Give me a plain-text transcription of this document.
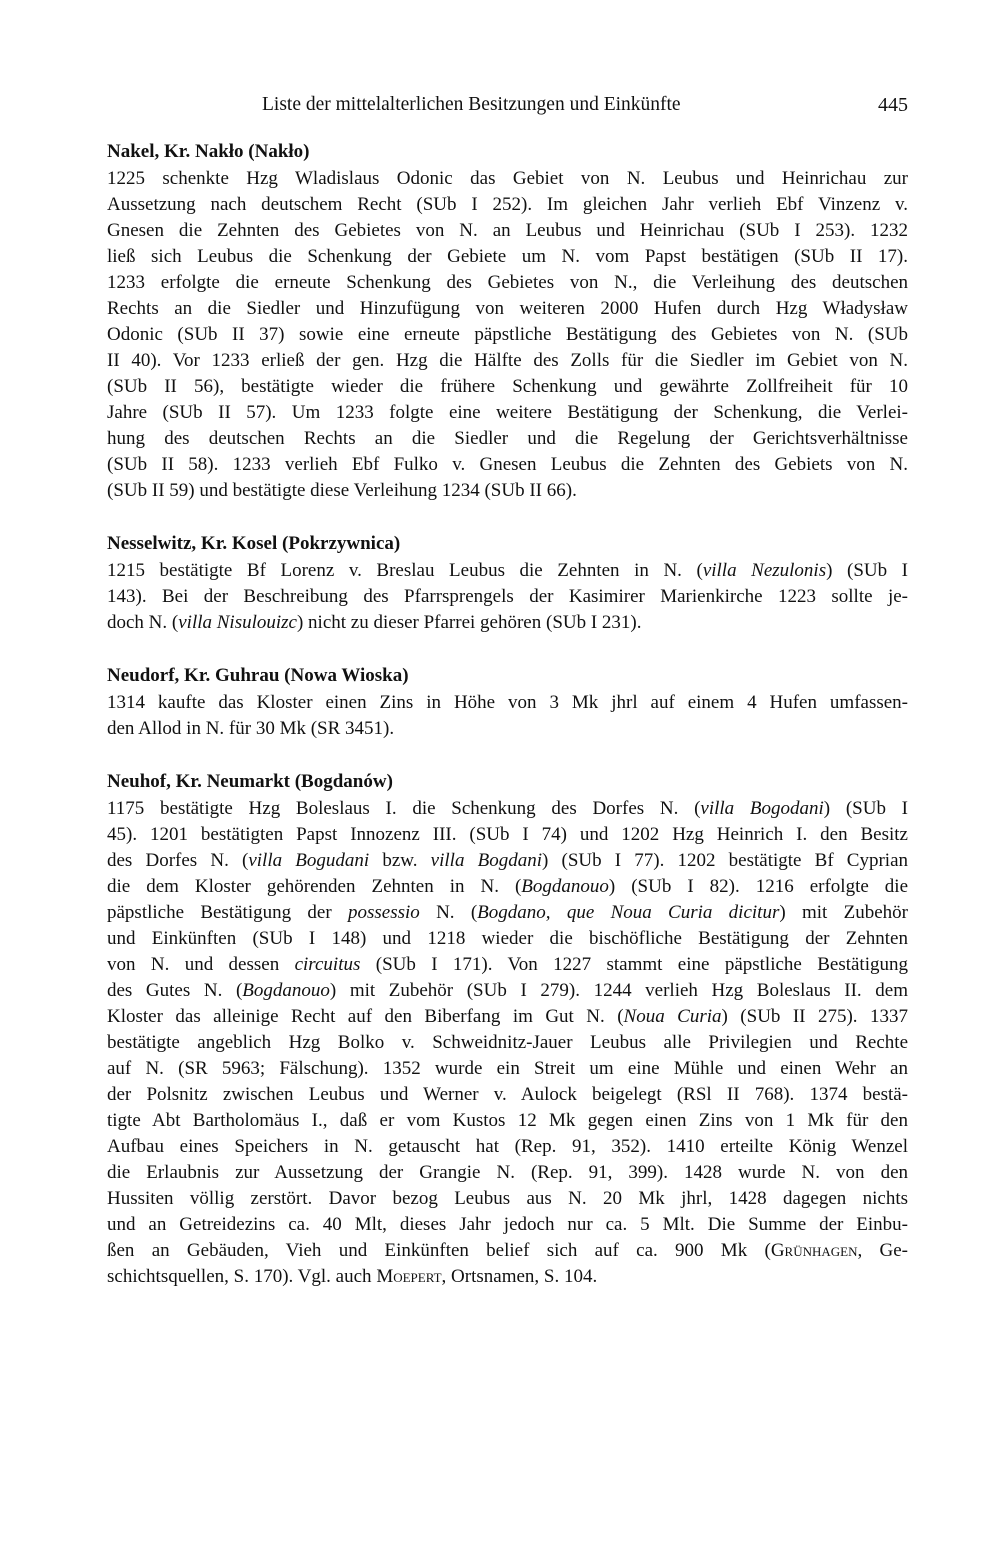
Liste der mittelalterlichen Besitzungen und Einkünfte	445
Nakel, Kr. Nakło (Nakło)
1225 schenkte Hzg Wladislaus Odonic das Gebiet von N. Leubus und Heinrichau zur
Aussetzung nach deutschem Recht (SUb I 252). Im gleichen Jahr verlieh Ebf Vinzenz v.
Gnesen die Zehnten des Gebietes von N. an Leubus und Heinrichau (SUb I 253). 1232
ließ sich Leubus die Schenkung der Gebiete um N. vom Papst bestätigen (SUb II 17).
1233 erfolgte die erneute Schenkung des Gebietes von N., die Verleihung des deutschen
Rechts an die Siedler und Hinzufügung von weiteren 2000 Hufen durch Hzg Władysław
Odonic (SUb II 37) sowie eine erneute päpstliche Bestätigung des Gebietes von N. (SUb
II 40). Vor 1233 erließ der gen. Hzg die Hälfte des Zolls für die Siedler im Gebiet von N.
(SUb II 56), bestätigte wieder die frühere Schenkung und gewährte Zollfreiheit für 10
Jahre (SUb II 57). Um 1233 folgte eine weitere Bestätigung der Schenkung, die Verlei-
hung des deutschen Rechts an die Siedler und die Regelung der Gerichtsverhältnisse
(SUb II 58). 1233 verlieh Ebf Fulko v. Gnesen Leubus die Zehnten des Gebiets von N.
(SUb II 59) und bestätigte diese Verleihung 1234 (SUb II 66).
Nesselwitz, Kr. Kosel (Pokrzywnica)
1215 bestätigte Bf Lorenz v. Breslau Leubus die Zehnten in N. (villa Nezulonis) (SUb I
143). Bei der Beschreibung des Pfarrsprengels der Kasimirer Marienkirche 1223 sollte je-
doch N. (villa Nisulouizc) nicht zu dieser Pfarrei gehören (SUb I 231).
Neudorf, Kr. Guhrau (Nowa Wioska)
1314 kaufte das Kloster einen Zins in Höhe von 3 Mk jhrl auf einem 4 Hufen umfassen-
den Allod in N. für 30 Mk (SR 3451).
Neuhof, Kr. Neumarkt (Bogdanów)
1175 bestätigte Hzg Boleslaus I. die Schenkung des Dorfes N. (villa Bogodani) (SUb I
45). 1201 bestätigten Papst Innozenz III. (SUb I 74) und 1202 Hzg Heinrich I. den Besitz
des Dorfes N. (villa Bogudani bzw. villa Bogdani) (SUb I 77). 1202 bestätigte Bf Cyprian
die dem Kloster gehörenden Zehnten in N. (Bogdanouo) (SUb I 82). 1216 erfolgte die
päpstliche Bestätigung der possessio N. (Bogdano, que Noua Curia dicitur) mit Zubehör
und Einkünften (SUb I 148) und 1218 wieder die bischöfliche Bestätigung der Zehnten
von N. und dessen circuitus (SUb I 171). Von 1227 stammt eine päpstliche Bestätigung
des Gutes N. (Bogdanouo) mit Zubehör (SUb I 279). 1244 verlieh Hzg Boleslaus II. dem
Kloster das alleinige Recht auf den Biberfang im Gut N. (Noua Curia) (SUb II 275). 1337
bestätigte angeblich Hzg Bolko v. Schweidnitz-Jauer Leubus alle Privilegien und Rechte
auf N. (SR 5963; Fälschung). 1352 wurde ein Streit um eine Mühle und einen Wehr an
der Polsnitz zwischen Leubus und Werner v. Aulock beigelegt (RSl II 768). 1374 bestä-
tigte Abt Bartholomäus I., daß er vom Kustos 12 Mk gegen einen Zins von 1 Mk für den
Aufbau eines Speichers in N. getauscht hat (Rep. 91, 352). 1410 erteilte König Wenzel
die Erlaubnis zur Aussetzung der Grangie N. (Rep. 91, 399). 1428 wurde N. von den
Hussiten völlig zerstört. Davor bezog Leubus aus N. 20 Mk jhrl, 1428 dagegen nichts
und an Getreidezins ca. 40 Mlt, dieses Jahr jedoch nur ca. 5 Mlt. Die Summe der Einbu-
ßen an Gebäuden, Vieh und Einkünften belief sich auf ca. 900 Mk (Grünhagen, Ge-
schichtsquellen, S. 170). Vgl. auch Moepert, Ortsnamen, S. 104.
